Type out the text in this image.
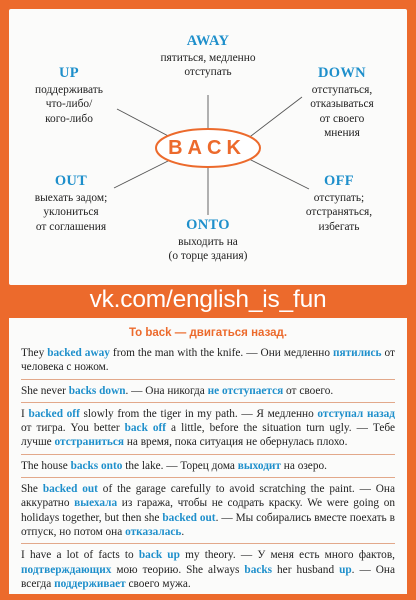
BACK
AWAY
пятиться, медленно
отступать
UP
поддерживать
что-либо/
кого-либо
DOWN
отступаться,
отказываться
от своего
мнения
OUT
выехать задом;
уклониться
от соглашения
OFF
отступать;
отстраняться,
избегать
ONTO
выходить на
(о торце здания)
vk.com/english_is_fun
To back — двигаться назад.
They backed away from the man with the knife. — Они медленно пятились от человека с ножом.
She never backs down. — Она никогда не отступается от своего.
I backed off slowly from the tiger in my path. — Я медленно отступал назад от тигра. You better back off a little, before the situation turn ugly. — Тебе лучше отстраниться на время, пока ситуация не обернулась плохо.
The house backs onto the lake. — Торец дома выходит на озеро.
She backed out of the garage carefully to avoid scratching the paint. — Она аккуратно выехала из гаража, чтобы не содрать краску. We were going on holidays together, but then she backed out. — Мы собирались вместе поехать в отпуск, но потом она отказалась.
I have a lot of facts to back up my theory. — У меня есть много фактов, подтверждающих мою теорию. She always backs her husband up. — Она всегда поддерживает своего мужа.
